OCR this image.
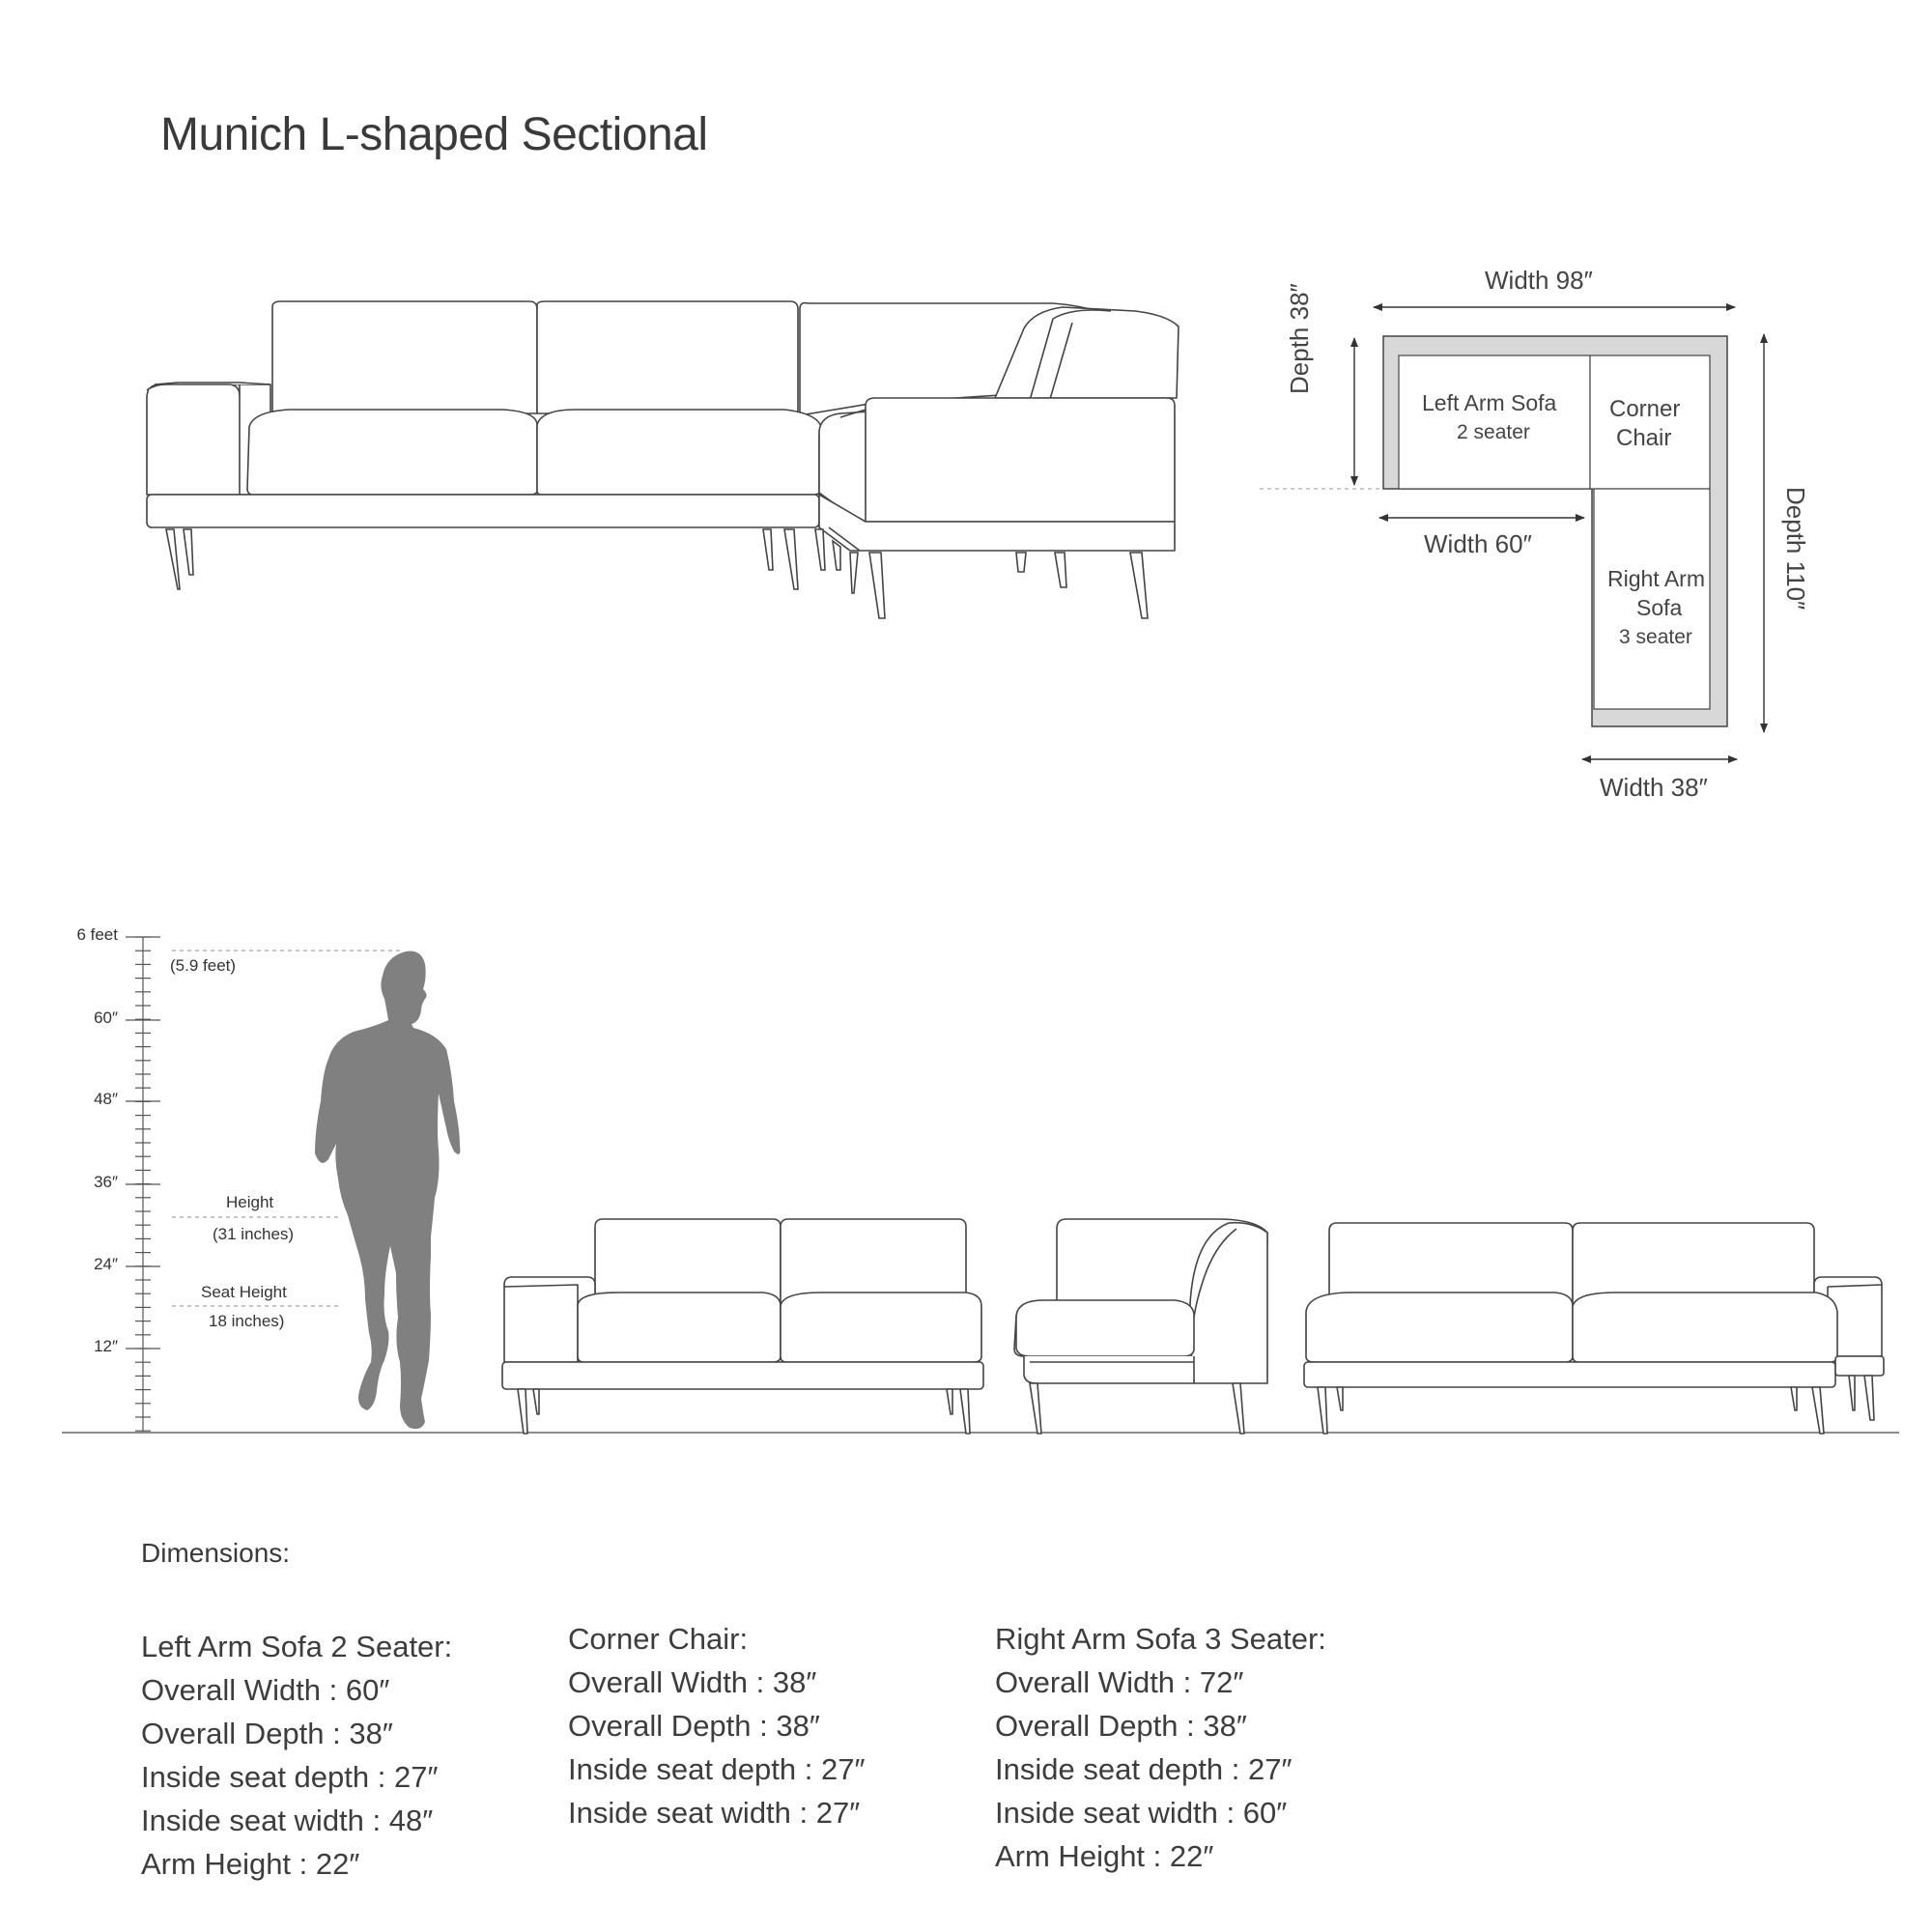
Munich L-shaped Sectional
Width 98″
Depth 38″
Width 60″	Depth 110″
Width 38″
Left Arm Sofa
2 seater
Corner
Chair
Right Arm
Sofa
3 seater
6 feet
60″
48″
36″
24″
12″
(5.9 feet)
Height
(31 inches)
Seat Height
18 inches)
Dimensions:
Left Arm Sofa 2 Seater:
Overall Width : 60″
Overall Depth : 38″
Inside seat depth : 27″
Inside seat width : 48″
Arm Height : 22″
Corner Chair:
Overall Width : 38″
Overall Depth : 38″
Inside seat depth : 27″
Inside seat width : 27″
Right Arm Sofa 3 Seater:
Overall Width : 72″
Overall Depth : 38″
Inside seat depth : 27″
Inside seat width : 60″
Arm Height : 22″
